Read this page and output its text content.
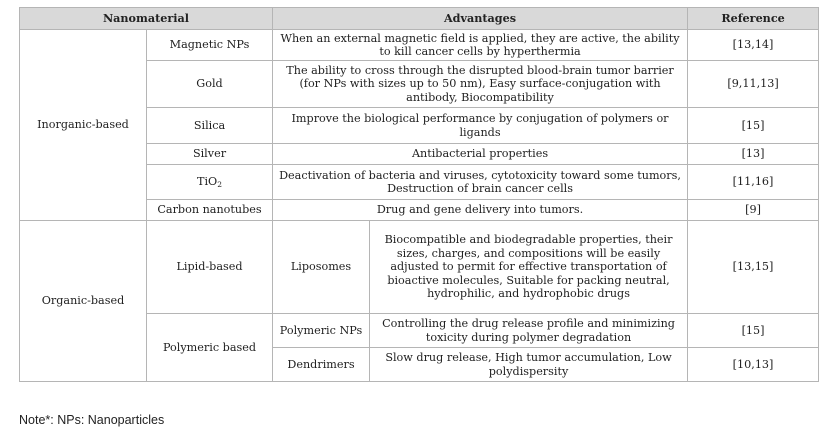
Nanomaterial		Advantages		Reference
Inorganic-based	Magnetic NPs	When an external magnetic field is applied, they are active, the ability to kill cancer cells by hyperthermia		[13,14]
	Gold	The ability to cross through the disrupted blood-brain tumor barrier (for NPs with sizes up to 50 nm), Easy surface-conjugation with antibody, Biocompatibility		[9,11,13]
	Silica	Improve the biological performance by conjugation of polymers or ligands		[15]
	Silver	Antibacterial properties		[13]
	TiO$_2$	Deactivation of bacteria and viruses, cytotoxicity toward some tumors, Destruction of brain cancer cells		[11,16]
	Carbon nanotubes	Drug and gene delivery into tumors.		[9]
Organic-based	Lipid-based	Liposomes	Biocompatible and biodegradable properties, their sizes, charges, and compositions will be easily adjusted to permit for effective transportation of bioactive molecules, Suitable for packing neutral, hydrophilic, and hydrophobic drugs	[13,15]
	Polymeric based	Polymeric NPs	Controlling the drug release profile and minimizing toxicity during polymer degradation	[15]
		Dendrimers	Slow drug release, High tumor accumulation, Low polydispersity	[10,13]
Note*: NPs: Nanoparticles
